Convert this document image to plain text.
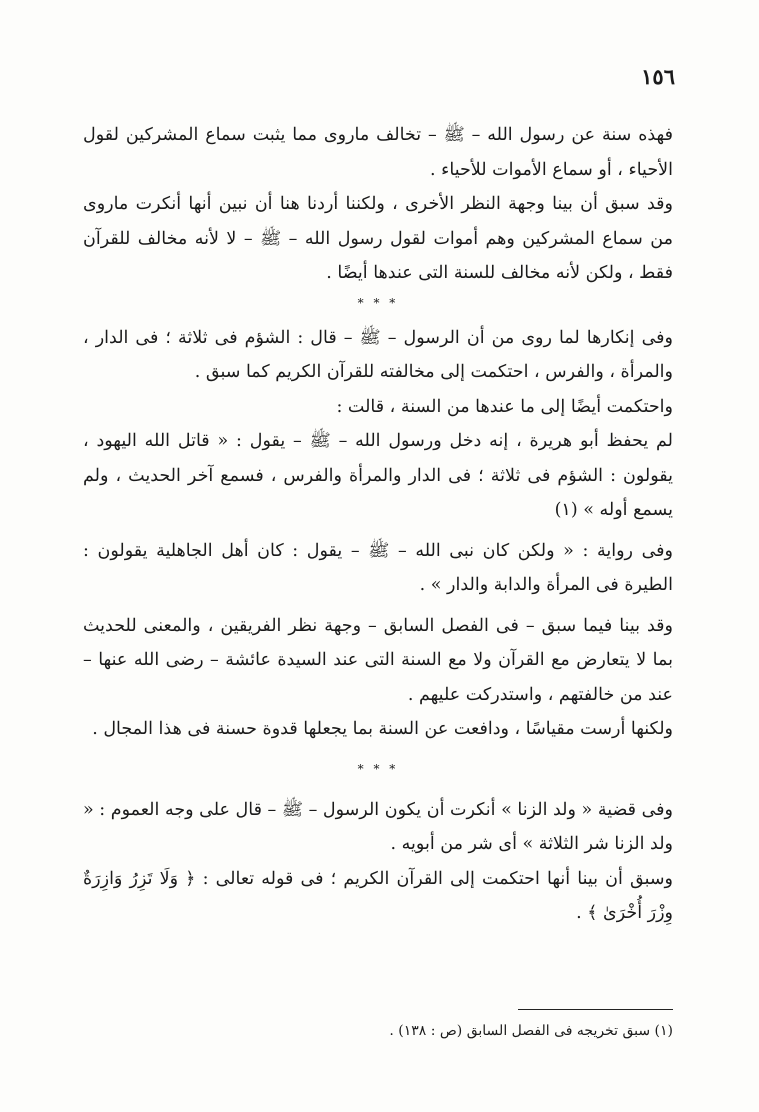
١٥٦

فهذه سنة عن رسول الله – ﷺ – تخالف ماروى مما يثبت سماع المشركين لقول الأحياء ، أو سماع الأموات للأحياء .

وقد سبق أن بينا وجهة النظر الأخرى ، ولكننا أردنا هنا أن نبين أنها أنكرت ماروى من سماع المشركين وهم أموات لقول رسول الله – ﷺ – لا لأنه مخالف للقرآن فقط ، ولكن لأنه مخالف للسنة التى عندها أيضًا .

* * *

وفى إنكارها لما روى من أن الرسول – ﷺ – قال : الشؤم فى ثلاثة ؛ فى الدار ، والمرأة ، والفرس ، احتكمت إلى مخالفته للقرآن الكريم كما سبق .

واحتكمت أيضًا إلى ما عندها من السنة ، قالت :

لم يحفظ أبو هريرة ، إنه دخل ورسول الله – ﷺ – يقول : « قاتل الله اليهود ، يقولون : الشؤم فى ثلاثة ؛ فى الدار والمرأة والفرس ، فسمع آخر الحديث ، ولم يسمع أوله » (١)

وفى رواية : « ولكن كان نبى الله – ﷺ – يقول : كان أهل الجاهلية يقولون : الطيرة فى المرأة والدابة والدار » .

وقد بينا فيما سبق – فى الفصل السابق – وجهة نظر الفريقين ، والمعنى للحديث بما لا يتعارض مع القرآن ولا مع السنة التى عند السيدة عائشة – رضى الله عنها – عند من خالفتهم ، واستدركت عليهم .

ولكنها أرست مقياسًا ، ودافعت عن السنة بما يجعلها قدوة حسنة فى هذا المجال .

* * *

وفى قضية « ولد الزنا » أنكرت أن يكون الرسول – ﷺ – قال على وجه العموم : « ولد الزنا شر الثلاثة » أى شر من أبويه .

وسبق أن بينا أنها احتكمت إلى القرآن الكريم ؛ فى قوله تعالى : ﴿ وَلَا تَزِرُ وَازِرَةٌ وِزْرَ أُخْرَىٰ ﴾ .

(١) سبق تخريجه فى الفصل السابق (ص : ١٣٨) .
